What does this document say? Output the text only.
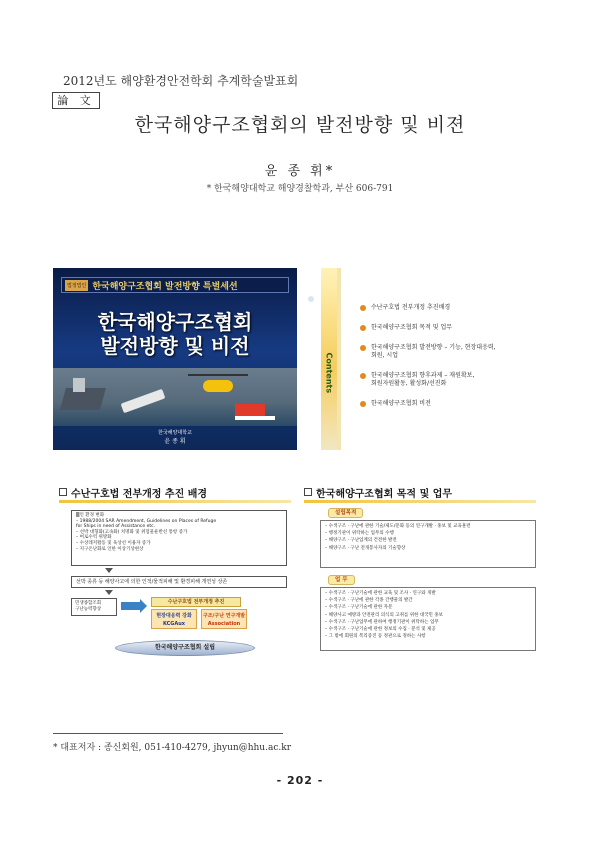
2012년도 해양환경안전학회 추계학술발표회
論 文
한국해양구조협회의 발전방향 및 비젼
윤 종 휘*
* 한국해양대학교 해양경찰학과, 부산 606-791
법정법인 한국해양구조협회 발전방향 특별세션
한국해양구조협회
발전방향 및 비전
한국해양대학교
윤 종 휘
Contents
수난구호법 전부개정 추진배경
한국해양구조협회 목적 및 업무
한국해양구조협회 발전방향 – 기능, 현장대응력,
회원, 시업
한국해양구조협회 향후과제 – 재원확보,
회원자원활동, 활성화/선진화
한국해양구조협회 비전
수난구호법 전부개정 추진 배경
▒인 환경 변화
– 1988/2004 SAR Amendment, Guidelines on Places of Refuge
for Ships in need of Assistance etc.
– 선박 대형화(고속화) 치명화 및 위험물운반선 통항 증가
– 여로수역 위방화
– 수상레저활동 및 육상선 이용자 증가
– 지구온난화로 인한 이상기상현상
선박 종류 등 해양사고에 의한 인적/물적피해 및 환경피해 개연성 상존
민생종합조회
구난능력향상
수난구호법 전부개정 추진
현장대응력 강화
KCGAux
구조/구난 연구개발
Association
한국해양구조협회 설립
한국해양구조협회 목적 및 업무
설립목적
– 수색구조 · 구난에 관한 기술/제도/문화 등의 연구개발 · 홍보 및 교육훈련
– 행정기관이 위탁하는 업무의 수행
– 해양구조 · 구난업계의 건전한 발전
– 해양구조 · 구난 전개봉사자의 기술향상
업 무
– 수색구조 · 구난기술에 관한 교육 및 조사 · 연구와 개발
– 수색구조 · 구난에 관한 각종 간행물의 발간
– 수색구조 · 구난기술에 관한 자문
– 해양사고 예방과 안전관리 의식의 고취를 위한 대국민 홍보
– 수색구조 · 구난업무에 관하여 행정기관이 위탁하는 업무
– 수색구조 · 구난기술에 관한 정보의 수집 · 분석 및 제공
– 그 밖에 회원의 복리증진 등 정관으로 정하는 사항
* 대표저자 : 종신회원, 051-410-4279, jhyun@hhu.ac.kr
- 202 -
